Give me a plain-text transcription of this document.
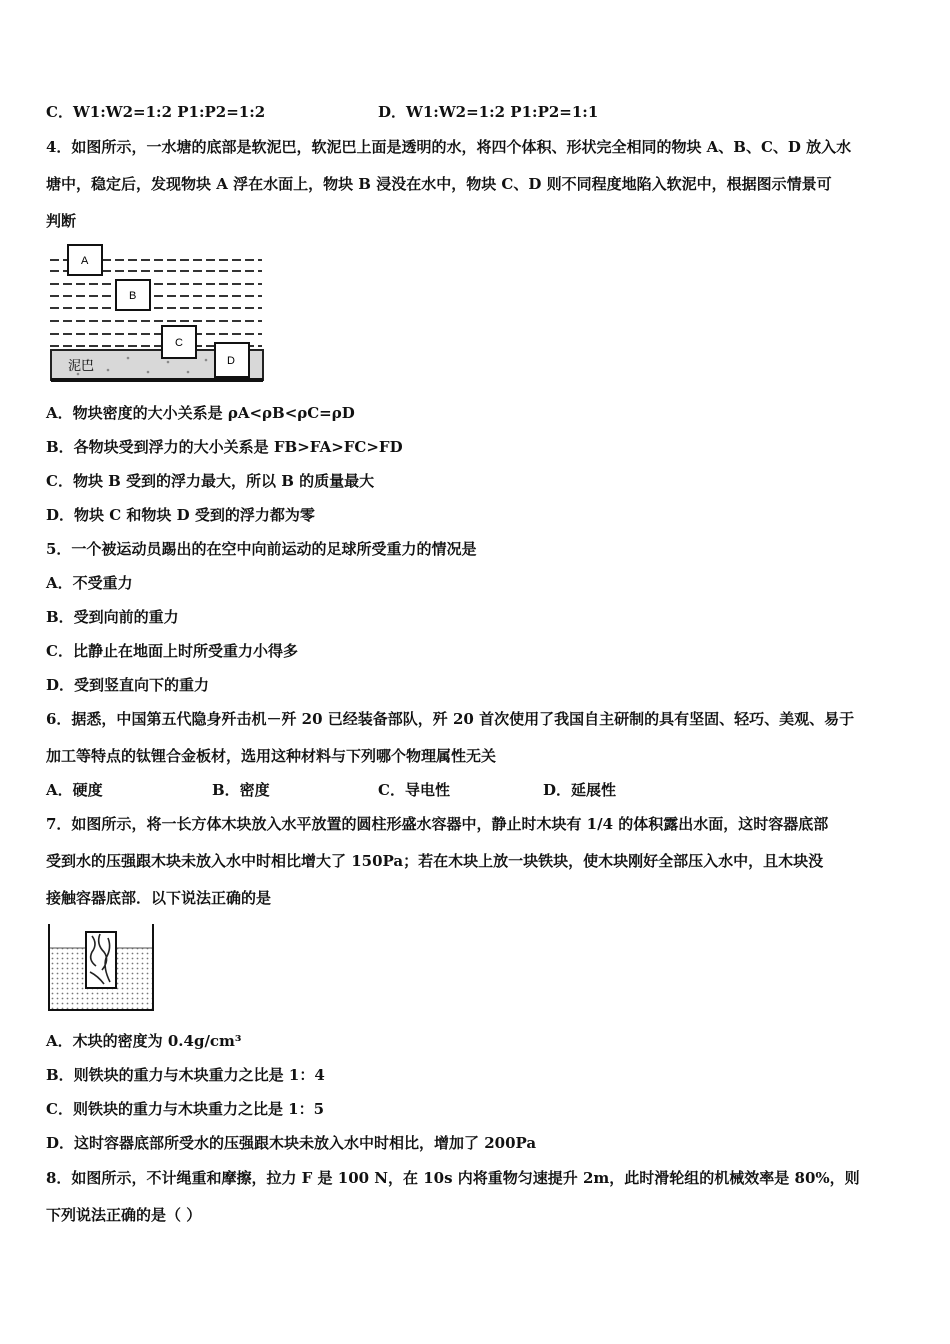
C．W1:W2=1:2 P1:P2=1:2	D．W1:W2=1:2 P1:P2=1:1
4．如图所示，一水塘的底部是软泥巴，软泥巴上面是透明的水，将四个体积、形状完全相同的物块 A、B、C、D 放入水
塘中，稳定后，发现物块 A 浮在水面上，物块 B 浸没在水中，物块 C、D 则不同程度地陷入软泥中，根据图示情景可
判断
A
B
C
D
泥巴
A．物块密度的大小关系是 ρA<ρB<ρC=ρD
B．各物块受到浮力的大小关系是 FB>FA>FC>FD
C．物块 B 受到的浮力最大，所以 B 的质量最大
D．物块 C 和物块 D 受到的浮力都为零
5．一个被运动员踢出的在空中向前运动的足球所受重力的情况是
A．不受重力
B．受到向前的重力
C．比静止在地面上时所受重力小得多
D．受到竖直向下的重力
6．据悉，中国第五代隐身歼击机－歼 20 已经装备部队，歼 20 首次使用了我国自主研制的具有坚固、轻巧、美观、易于
加工等特点的钛锂合金板材，选用这种材料与下列哪个物理属性无关
A．硬度	B．密度	C．导电性	D．延展性
7．如图所示，将一长方体木块放入水平放置的圆柱形盛水容器中，静止时木块有 1/4 的体积露出水面，这时容器底部
受到水的压强跟木块未放入水中时相比增大了 150Pa；若在木块上放一块铁块，使木块刚好全部压入水中，且木块没
接触容器底部．以下说法正确的是
A．木块的密度为 0.4g/cm³
B．则铁块的重力与木块重力之比是 1：4
C．则铁块的重力与木块重力之比是 1：5
D．这时容器底部所受水的压强跟木块未放入水中时相比，增加了 200Pa
8．如图所示，不计绳重和摩擦，拉力 F 是 100 N，在 10s 内将重物匀速提升 2m，此时滑轮组的机械效率是 80%，则
下列说法正确的是（ ）
